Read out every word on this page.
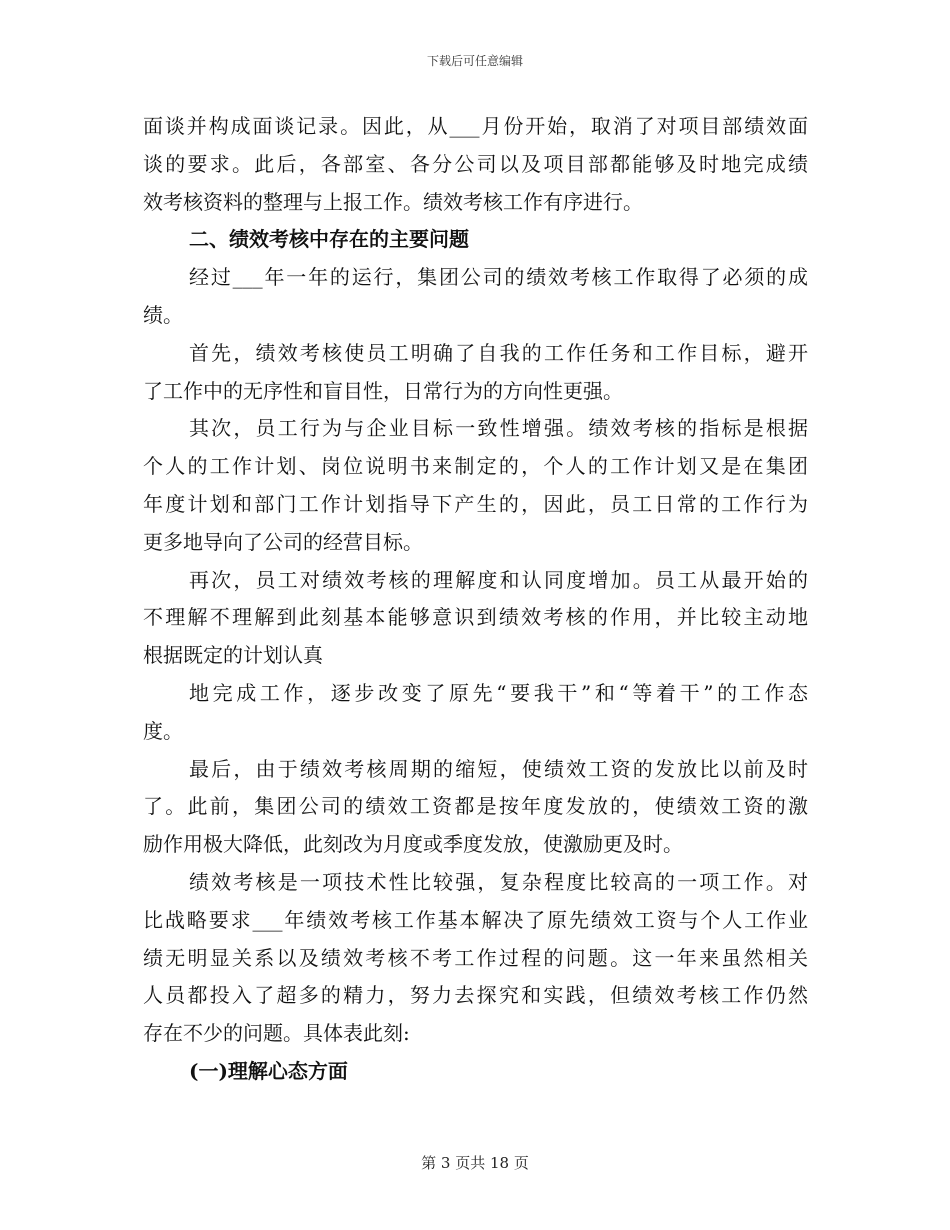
下载后可任意编辑
面谈并构成面谈记录。因此，从___月份开始，取消了对项目部绩效面
谈的要求。此后，各部室、各分公司以及项目部都能够及时地完成绩
效考核资料的整理与上报工作。绩效考核工作有序进行。
二、绩效考核中存在的主要问题
经过___年一年的运行，集团公司的绩效考核工作取得了必须的成
绩。
首先，绩效考核使员工明确了自我的工作任务和工作目标，避开
了工作中的无序性和盲目性，日常行为的方向性更强。
其次，员工行为与企业目标一致性增强。绩效考核的指标是根据
个人的工作计划、岗位说明书来制定的，个人的工作计划又是在集团
年度计划和部门工作计划指导下产生的，因此，员工日常的工作行为
更多地导向了公司的经营目标。
再次，员工对绩效考核的理解度和认同度增加。员工从最开始的
不理解不理解到此刻基本能够意识到绩效考核的作用，并比较主动地
根据既定的计划认真
地完成工作，逐步改变了原先“要我干”和“等着干”的工作态
度。
最后，由于绩效考核周期的缩短，使绩效工资的发放比以前及时
了。此前，集团公司的绩效工资都是按年度发放的，使绩效工资的激
励作用极大降低，此刻改为月度或季度发放，使激励更及时。
绩效考核是一项技术性比较强，复杂程度比较高的一项工作。对
比战略要求___年绩效考核工作基本解决了原先绩效工资与个人工作业
绩无明显关系以及绩效考核不考工作过程的问题。这一年来虽然相关
人员都投入了超多的精力，努力去探究和实践，但绩效考核工作仍然
存在不少的问题。具体表此刻:
(一)理解心态方面
第 3 页共 18 页
